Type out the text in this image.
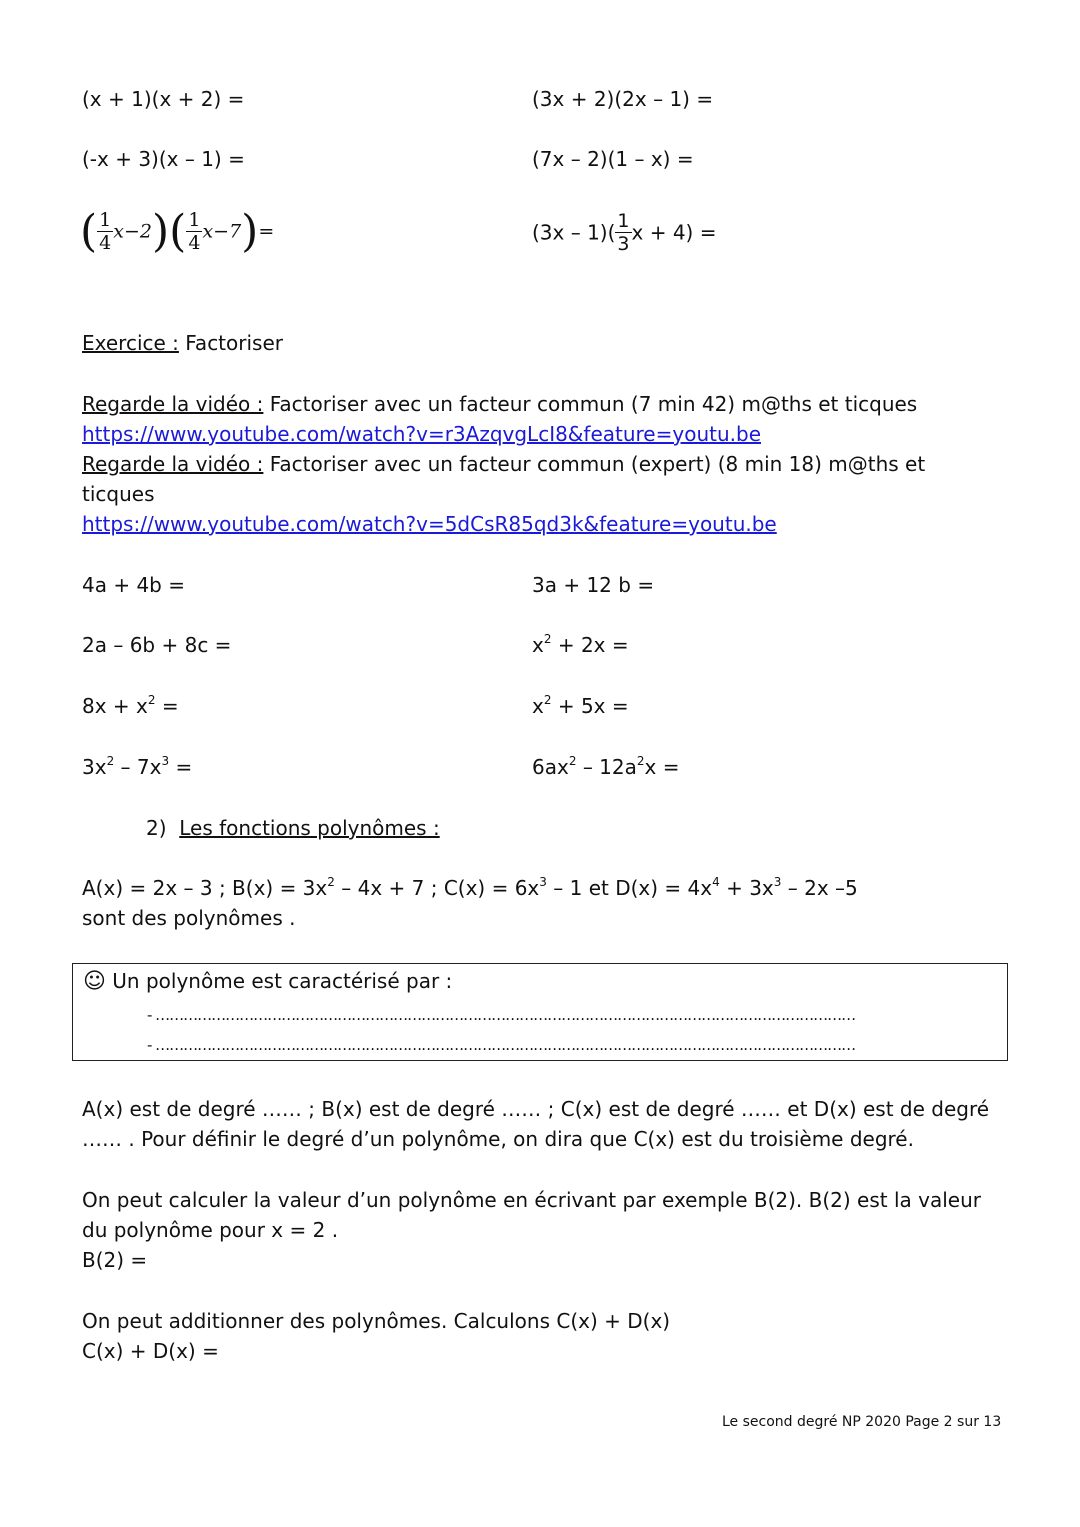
(x + 1)(x + 2) =	(3x + 2)(2x – 1) =
(-x + 3)(x – 1) =	(7x – 2)(1 – x) =
( $\frac{1}{4} x-2)( \frac{1}{4} x-7)=$	$(3x - 1)( \frac{1}{3}$ x + 4) =
Exercice : Factoriser
Regarde la vidéo : Factoriser avec un facteur commun (7 min 42) m@ths et ticques
https://www.youtube.com/watch?v=r3AzqvgLcI8&feature=youtu.be
Regarde la vidéo : Factoriser avec un facteur commun (expert) (8 min 18) m@ths et
ticques
https://www.youtube.com/watch?v=5dCsR85qd3k&feature=youtu.be
4a + 4b =	3a + 12 b =
2a – 6b + 8c =	$x^2 + 2x$ =
$8x + x^2$ =	$x^2 + 5x$ =
$3x^2 - 7x^3$ =	$6ax^2 - 12a^2x$ =
2) Les fonctions polynômes :
A(x) = 2x – 3 ; $B(x) = 3x^2 - 4x + 7$ ; $C(x) = 6x^3 - 1$ et $D(x) = 4x^4 + 3x^3 - 2x$ –5
sont des polynômes .
☺ Un polynôme est caractérisé par :
- ……………………………………………………………………………………………………………………………………
- ……………………………………………………………………………………………………………………………………
A(x) est de degré …… ; B(x) est de degré …… ; C(x) est de degré …… et D(x) est de degré
…… . Pour définir le degré d’un polynôme, on dira que C(x) est du troisième degré.
On peut calculer la valeur d’un polynôme en écrivant par exemple B(2). B(2) est la valeur
du polynôme pour x = 2 .
B(2) =
On peut additionner des polynômes. Calculons C(x) + D(x)
C(x) + D(x) =
Le second degré NP 2020 Page 2 sur 13
